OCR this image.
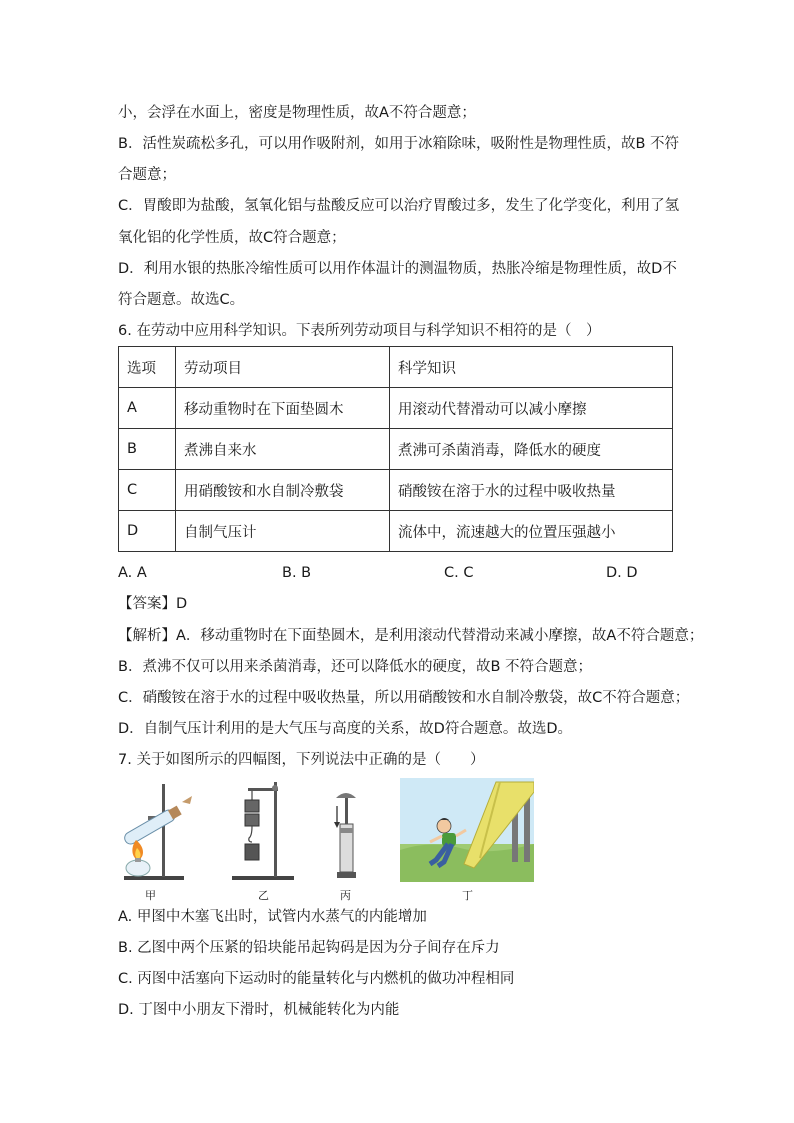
小，会浮在水面上，密度是物理性质，故A不符合题意；
B．活性炭疏松多孔，可以用作吸附剂，如用于冰箱除味，吸附性是物理性质，故B 不符
合题意；
C．胃酸即为盐酸，氢氧化铝与盐酸反应可以治疗胃酸过多，发生了化学变化，利用了氢
氧化铝的化学性质，故C符合题意；
D．利用水银的热胀冷缩性质可以用作体温计的测温物质，热胀冷缩是物理性质，故D不
符合题意。故选C。
6. 在劳动中应用科学知识。下表所列劳动项目与科学知识不相符的是（　）
选项	劳动项目	科学知识
A	移动重物时在下面垫圆木	用滚动代替滑动可以减小摩擦
B	煮沸自来水	煮沸可杀菌消毒，降低水的硬度
C	用硝酸铵和水自制冷敷袋	硝酸铵在溶于水的过程中吸收热量
D	自制气压计	流体中，流速越大的位置压强越小
A. A	B. B	C. C	D. D
【答案】D
【解析】A．移动重物时在下面垫圆木，是利用滚动代替滑动来减小摩擦，故A不符合题意；
B．煮沸不仅可以用来杀菌消毒，还可以降低水的硬度，故B 不符合题意；
C．硝酸铵在溶于水的过程中吸收热量，所以用硝酸铵和水自制冷敷袋，故C不符合题意；
D．自制气压计利用的是大气压与高度的关系，故D符合题意。故选D。
7. 关于如图所示的四幅图，下列说法中正确的是（　　）
甲	乙	丙	丁
A. 甲图中木塞飞出时，试管内水蒸气的内能增加
B. 乙图中两个压紧的铅块能吊起钩码是因为分子间存在斥力
C. 丙图中活塞向下运动时的能量转化与内燃机的做功冲程相同
D. 丁图中小朋友下滑时，机械能转化为内能
